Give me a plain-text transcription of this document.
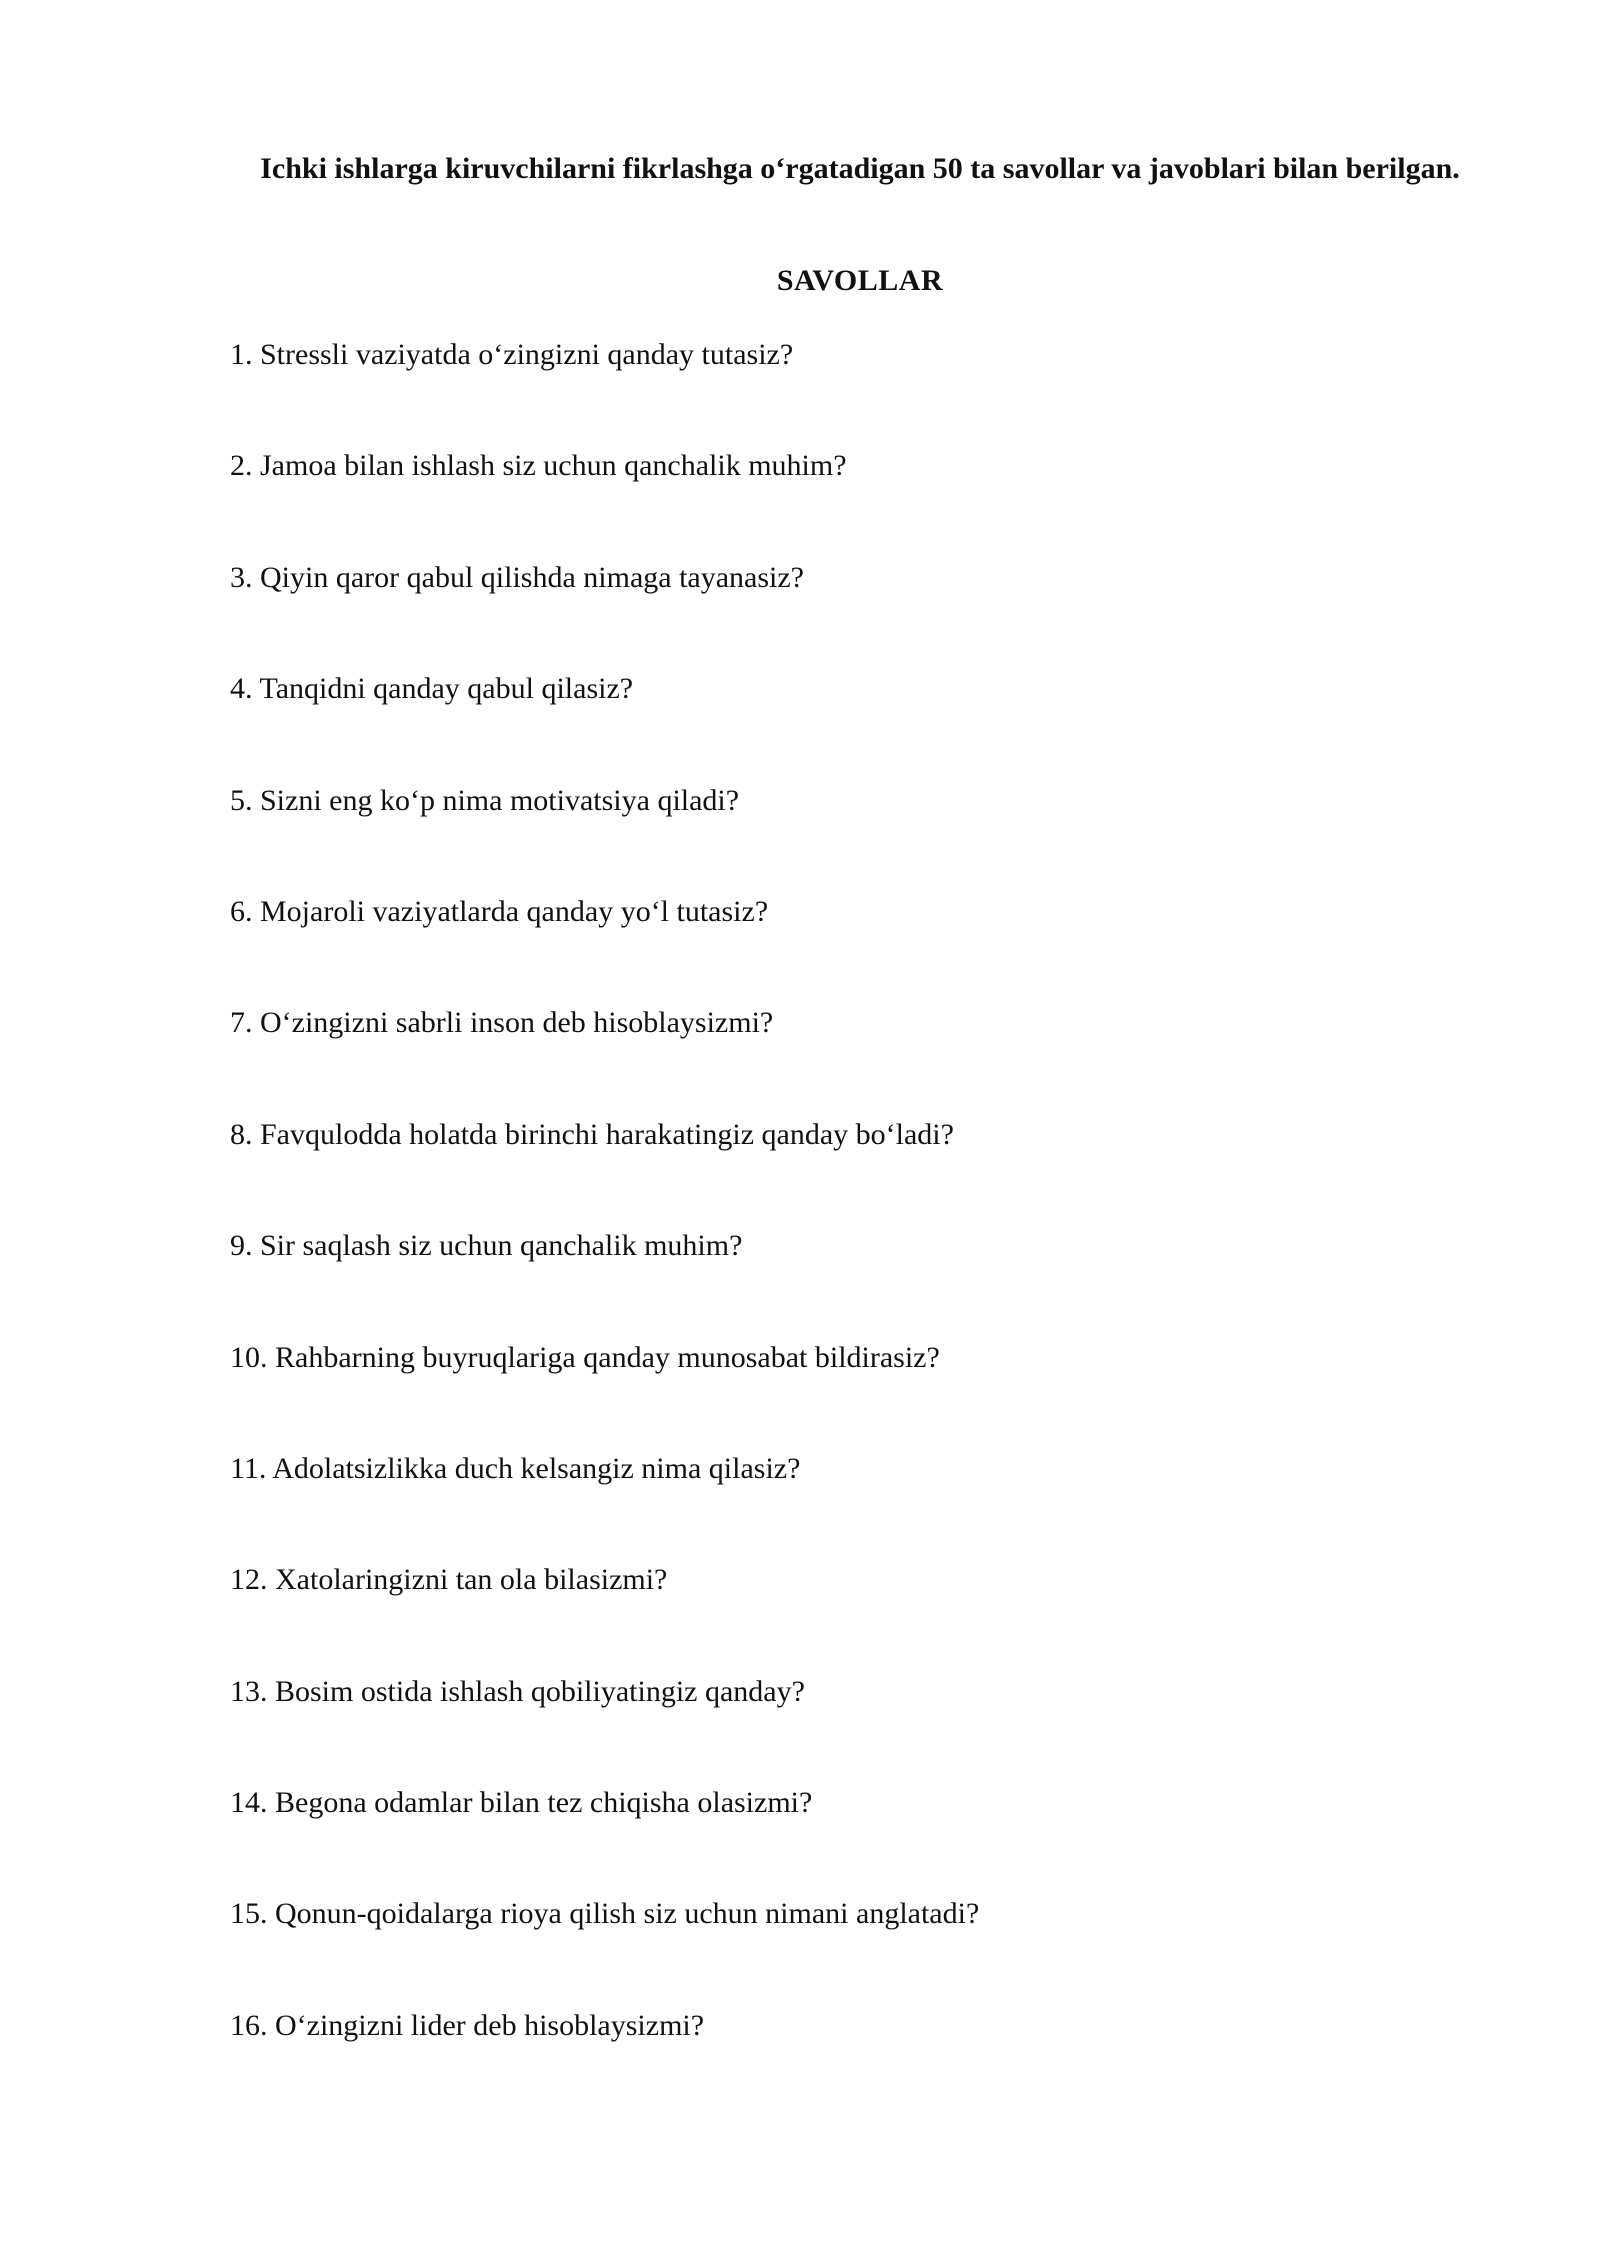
Ichki ishlarga kiruvchilarni fikrlashga o‘rgatadigan 50 ta savollar va javoblari bilan berilgan.
SAVOLLAR
1. Stressli vaziyatda o‘zingizni qanday tutasiz?
2. Jamoa bilan ishlash siz uchun qanchalik muhim?
3. Qiyin qaror qabul qilishda nimaga tayanasiz?
4. Tanqidni qanday qabul qilasiz?
5. Sizni eng ko‘p nima motivatsiya qiladi?
6. Mojaroli vaziyatlarda qanday yo‘l tutasiz?
7. O‘zingizni sabrli inson deb hisoblaysizmi?
8. Favqulodda holatda birinchi harakatingiz qanday bo‘ladi?
9. Sir saqlash siz uchun qanchalik muhim?
10. Rahbarning buyruqlariga qanday munosabat bildirasiz?
11. Adolatsizlikka duch kelsangiz nima qilasiz?
12. Xatolaringizni tan ola bilasizmi?
13. Bosim ostida ishlash qobiliyatingiz qanday?
14. Begona odamlar bilan tez chiqisha olasizmi?
15. Qonun-qoidalarga rioya qilish siz uchun nimani anglatadi?
16. O‘zingizni lider deb hisoblaysizmi?
